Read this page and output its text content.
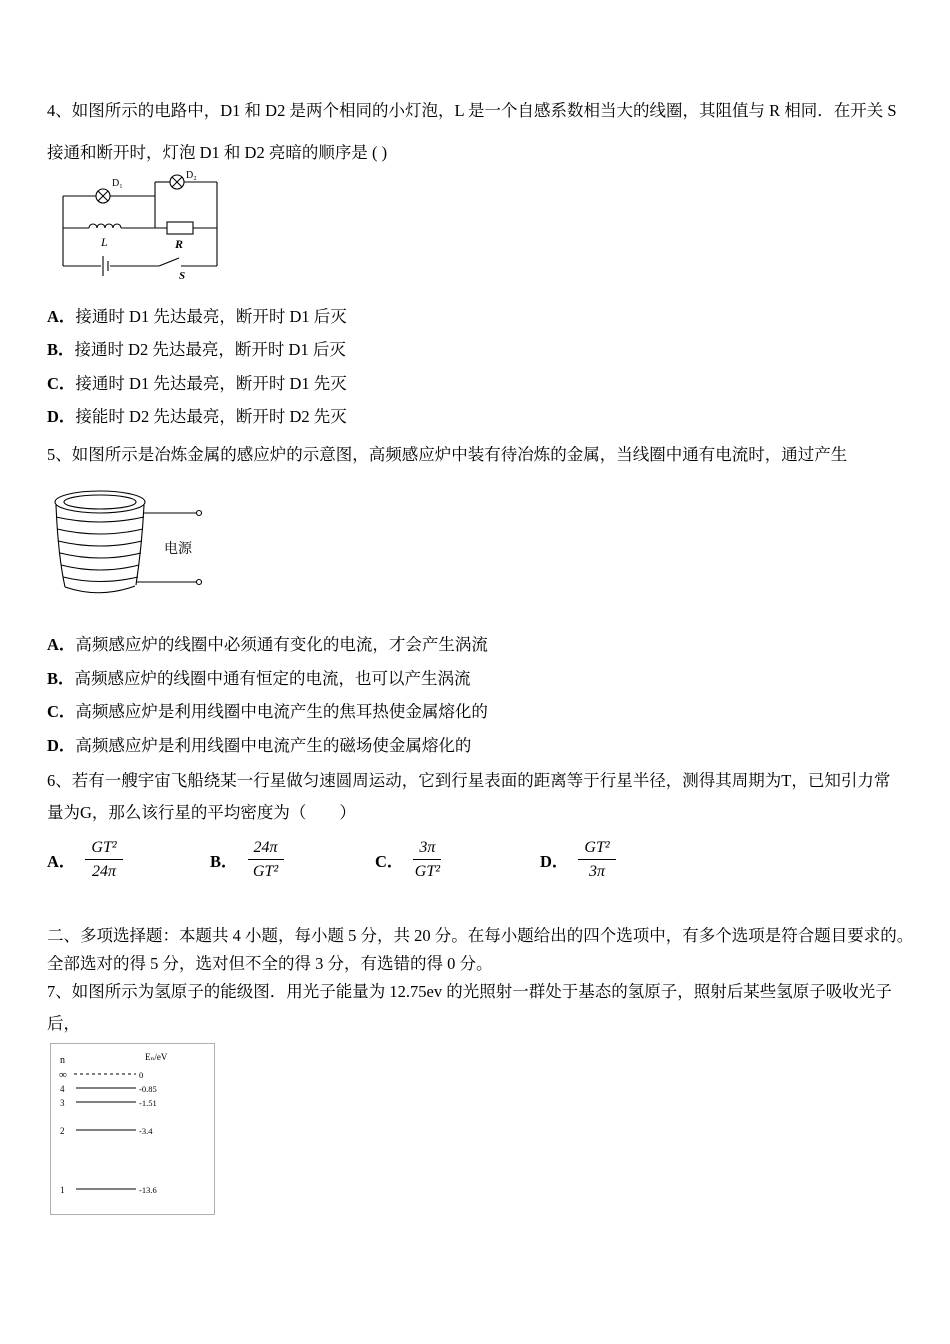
4、如图所示的电路中，D1 和 D2 是两个相同的小灯泡，L 是一个自感系数相当大的线圈，其阻值与 R 相同．在开关 S
接通和断开时，灯泡 D1 和 D2 亮暗的顺序是 ( )
D₁
D₂
L	R
S
A．接通时 D1 先达最亮，断开时 D1 后灭
B．接通时 D2 先达最亮，断开时 D1 后灭
C．接通时 D1 先达最亮，断开时 D1 先灭
D．接能时 D2 先达最亮，断开时 D2 先灭
5、如图所示是冶炼金属的感应炉的示意图，高频感应炉中装有待冶炼的金属，当线圈中通有电流时，通过产生
电源
A．高频感应炉的线圈中必须通有变化的电流，才会产生涡流
B．高频感应炉的线圈中通有恒定的电流，也可以产生涡流
C．高频感应炉是利用线圈中电流产生的焦耳热使金属熔化的
D．高频感应炉是利用线圈中电流产生的磁场使金属熔化的
6、若有一艘宇宙飞船绕某一行星做匀速圆周运动，它到行星表面的距离等于行星半径，测得其周期为T，已知引力常
量为G，那么该行星的平均密度为（　　）
A． $\frac{\text{GT²}}{24\pi}$	B． $\frac{24\pi}{\text{GT²}}$	C． $\frac{3\pi}{\text{GT²}}$	D． $\frac{\text{GT²}}{3\pi}$
二、多项选择题：本题共 4 小题，每小题 5 分，共 20 分。在每小题给出的四个选项中，有多个选项是符合题目要求的。
全部选对的得 5 分，选对但不全的得 3 分，有选错的得 0 分。
7、如图所示为氢原子的能级图．用光子能量为 12.75ev 的光照射一群处于基态的氢原子，照射后某些氢原子吸收光子
后，
n	Eₙ/eV
∞	0
4	-0.85
3	-1.51
2	-3.4
1	-13.6
